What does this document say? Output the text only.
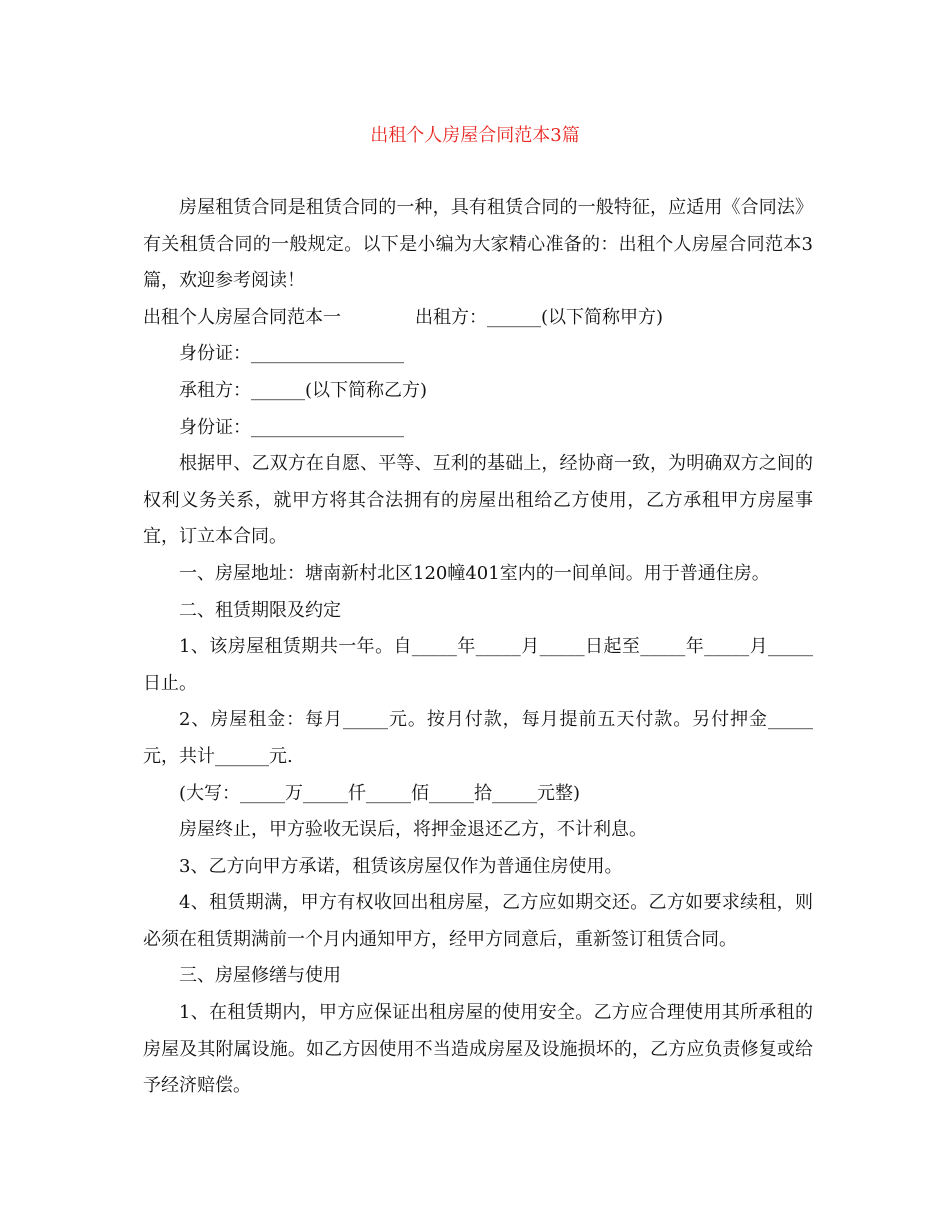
出租个人房屋合同范本3篇

房屋租赁合同是租赁合同的一种，具有租赁合同的一般特征，应适用《合同法》有关租赁合同的一般规定。以下是小编为大家精心准备的：出租个人房屋合同范本3篇，欢迎参考阅读！

出租个人房屋合同范本一	出租方：______(以下简称甲方)

身份证：_________________

承租方：______(以下简称乙方)

身份证：_________________

根据甲、乙双方在自愿、平等、互利的基础上，经协商一致，为明确双方之间的权利义务关系，就甲方将其合法拥有的房屋出租给乙方使用，乙方承租甲方房屋事宜，订立本合同。

一、房屋地址：塘南新村北区120幢401室内的一间单间。用于普通住房。

二、租赁期限及约定

1、该房屋租赁期共一年。自_____年_____月_____日起至_____年_____月_____日止。

2、房屋租金：每月_____元。按月付款，每月提前五天付款。另付押金_____元，共计______元.

(大写：_____万_____仟_____佰_____拾_____元整)

房屋终止，甲方验收无误后，将押金退还乙方，不计利息。

3、乙方向甲方承诺，租赁该房屋仅作为普通住房使用。

4、租赁期满，甲方有权收回出租房屋，乙方应如期交还。乙方如要求续租，则必须在租赁期满前一个月内通知甲方，经甲方同意后，重新签订租赁合同。

三、房屋修缮与使用

1、在租赁期内，甲方应保证出租房屋的使用安全。乙方应合理使用其所承租的房屋及其附属设施。如乙方因使用不当造成房屋及设施损坏的，乙方应负责修复或给予经济赔偿。
